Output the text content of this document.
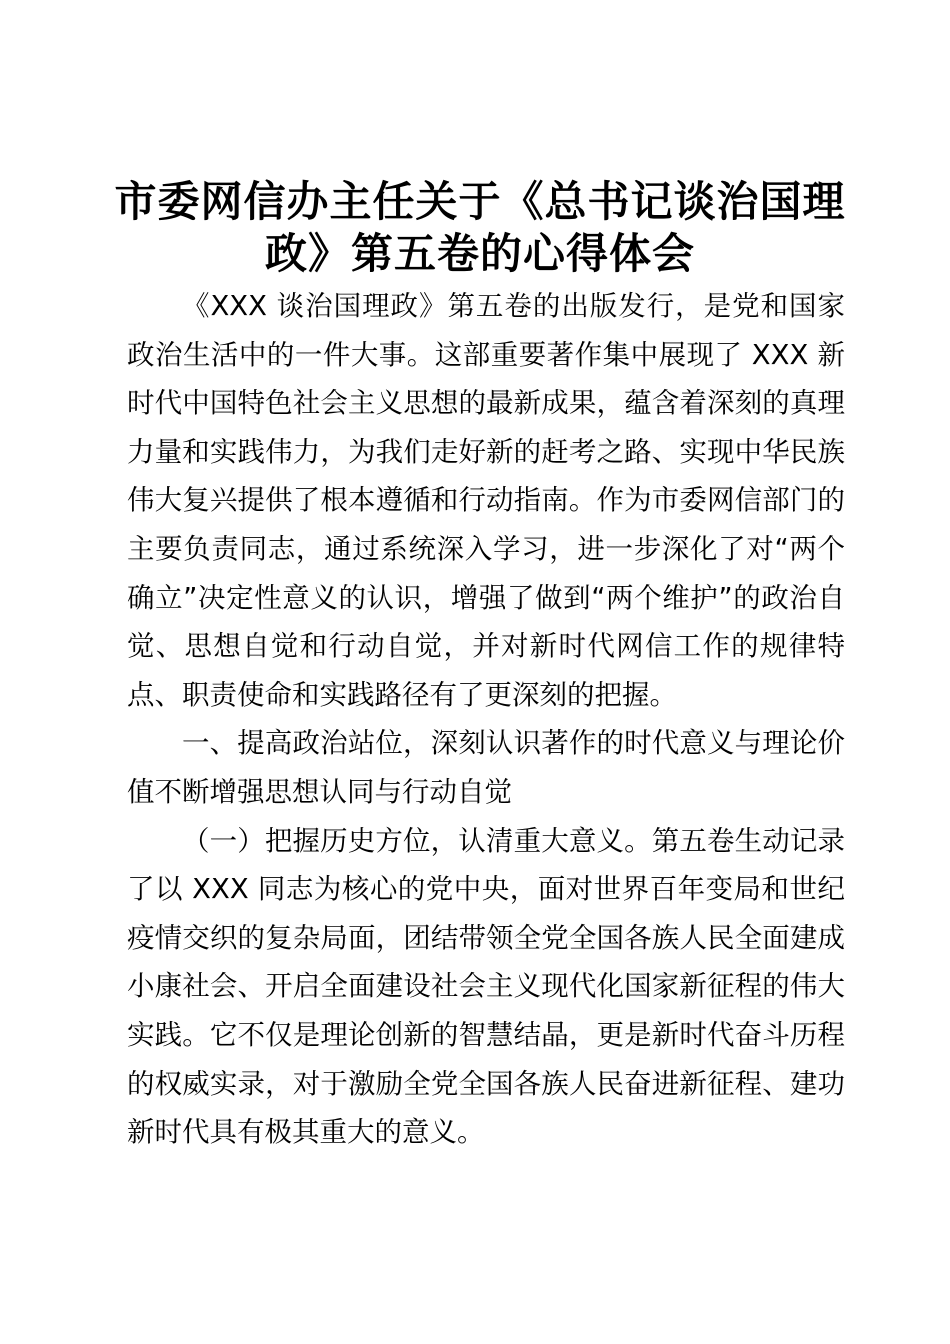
市委网信办主任关于《总书记谈治国理
政》第五卷的心得体会

《XXX 谈治国理政》第五卷的出版发行，是党和国家政治生活中的一件大事。这部重要著作集中展现了 XXX 新时代中国特色社会主义思想的最新成果，蕴含着深刻的真理力量和实践伟力，为我们走好新的赶考之路、实现中华民族伟大复兴提供了根本遵循和行动指南。作为市委网信部门的主要负责同志，通过系统深入学习，进一步深化了对“两个确立”决定性意义的认识，增强了做到“两个维护”的政治自觉、思想自觉和行动自觉，并对新时代网信工作的规律特点、职责使命和实践路径有了更深刻的把握。

一、提高政治站位，深刻认识著作的时代意义与理论价值不断增强思想认同与行动自觉

（一）把握历史方位，认清重大意义。第五卷生动记录了以 XXX 同志为核心的党中央，面对世界百年变局和世纪疫情交织的复杂局面，团结带领全党全国各族人民全面建成小康社会、开启全面建设社会主义现代化国家新征程的伟大实践。它不仅是理论创新的智慧结晶，更是新时代奋斗历程的权威实录，对于激励全党全国各族人民奋进新征程、建功新时代具有极其重大的意义。
